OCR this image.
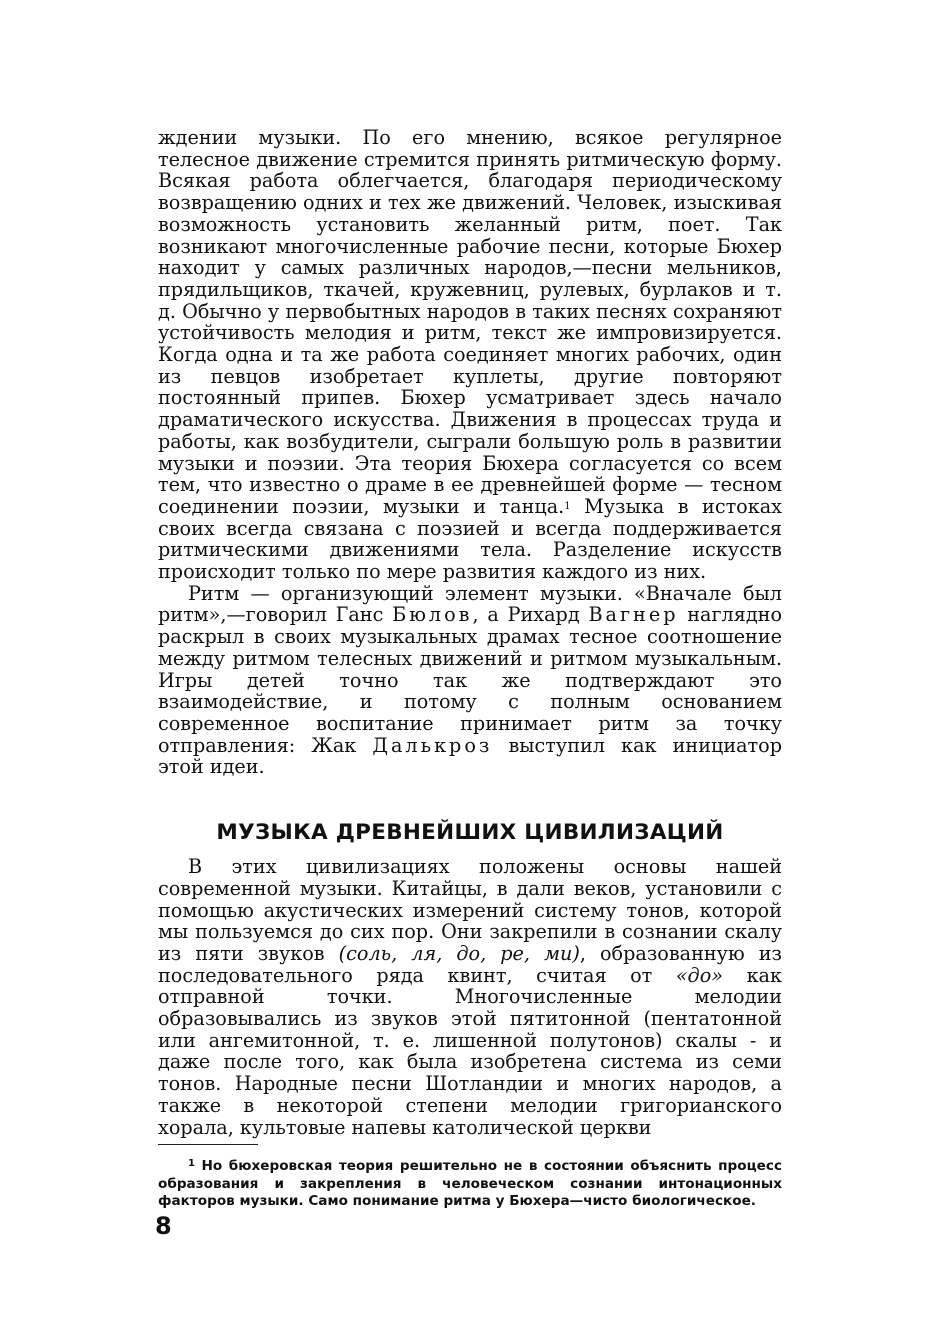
ждении музыки. По его мнению, всякое регулярное телесное движение стремится принять ритмическую форму. Всякая работа облегчается, благодаря периодическому возвращению одних и тех же движений. Человек, изыскивая возможность установить желанный ритм, поет. Так возникают многочисленные рабочие песни, которые Бюхер находит у самых различных народов,—песни мельников, прядильщиков, ткачей, кружевниц, рулевых, бурлаков и т. д. Обычно у первобытных народов в таких песнях сохраняют устойчивость мелодия и ритм, текст же импровизируется. Когда одна и та же работа соединяет многих рабочих, один из певцов изобретает куплеты, другие повторяют постоянный припев. Бюхер усматривает здесь начало драматического искусства. Движения в процессах труда и работы, как возбудители, сыграли большую роль в развитии музыки и поэзии. Эта теория Бюхера согласуется со всем тем, что известно о драме в ее древнейшей форме — тесном соединении поэзии, музыки и танца.$^1$ Музыка в истоках своих всегда связана с поэзией и всегда поддерживается ритмическими движениями тела. Разделение искусств происходит только по мере развития каждого из них.

Ритм — организующий элемент музыки. «Вначале был ритм»,—говорил Ганс Бюлов, а Рихард Вагнер наглядно раскрыл в своих музыкальных драмах тесное соотношение между ритмом телесных движений и ритмом музыкальным. Игры детей точно так же подтверждают это взаимодействие, и потому с полным основанием современное воспитание принимает ритм за точку отправления: Жак Далькроз выступил как инициатор этой идеи.

МУЗЫКА ДРЕВНЕЙШИХ ЦИВИЛИЗАЦИЙ

В этих цивилизациях положены основы нашей современной музыки. Китайцы, в дали веков, установили с помощью акустических измерений систему тонов, которой мы пользуемся до сих пор. Они закрепили в сознании скалу из пяти звуков (соль, ля, до, ре, ми), образованную из последовательного ряда квинт, считая от «до» как отправной точки. Многочисленные мелодии образовывались из звуков этой пятитонной (пентатонной или ангемитонной, т. е. лишенной полутонов) скалы - и даже после того, как была изобретена система из семи тонов. Народные песни Шотландии и многих народов, а также в некоторой степени мелодии григорианского хорала, культовые напевы католической церкви

$^1$ Но бюхеровская теория решительно не в состоянии объяснить процесс образования и закрепления в человеческом сознании интонационных факторов музыки. Само понимание ритма у Бюхера—чисто биологическое.

8
